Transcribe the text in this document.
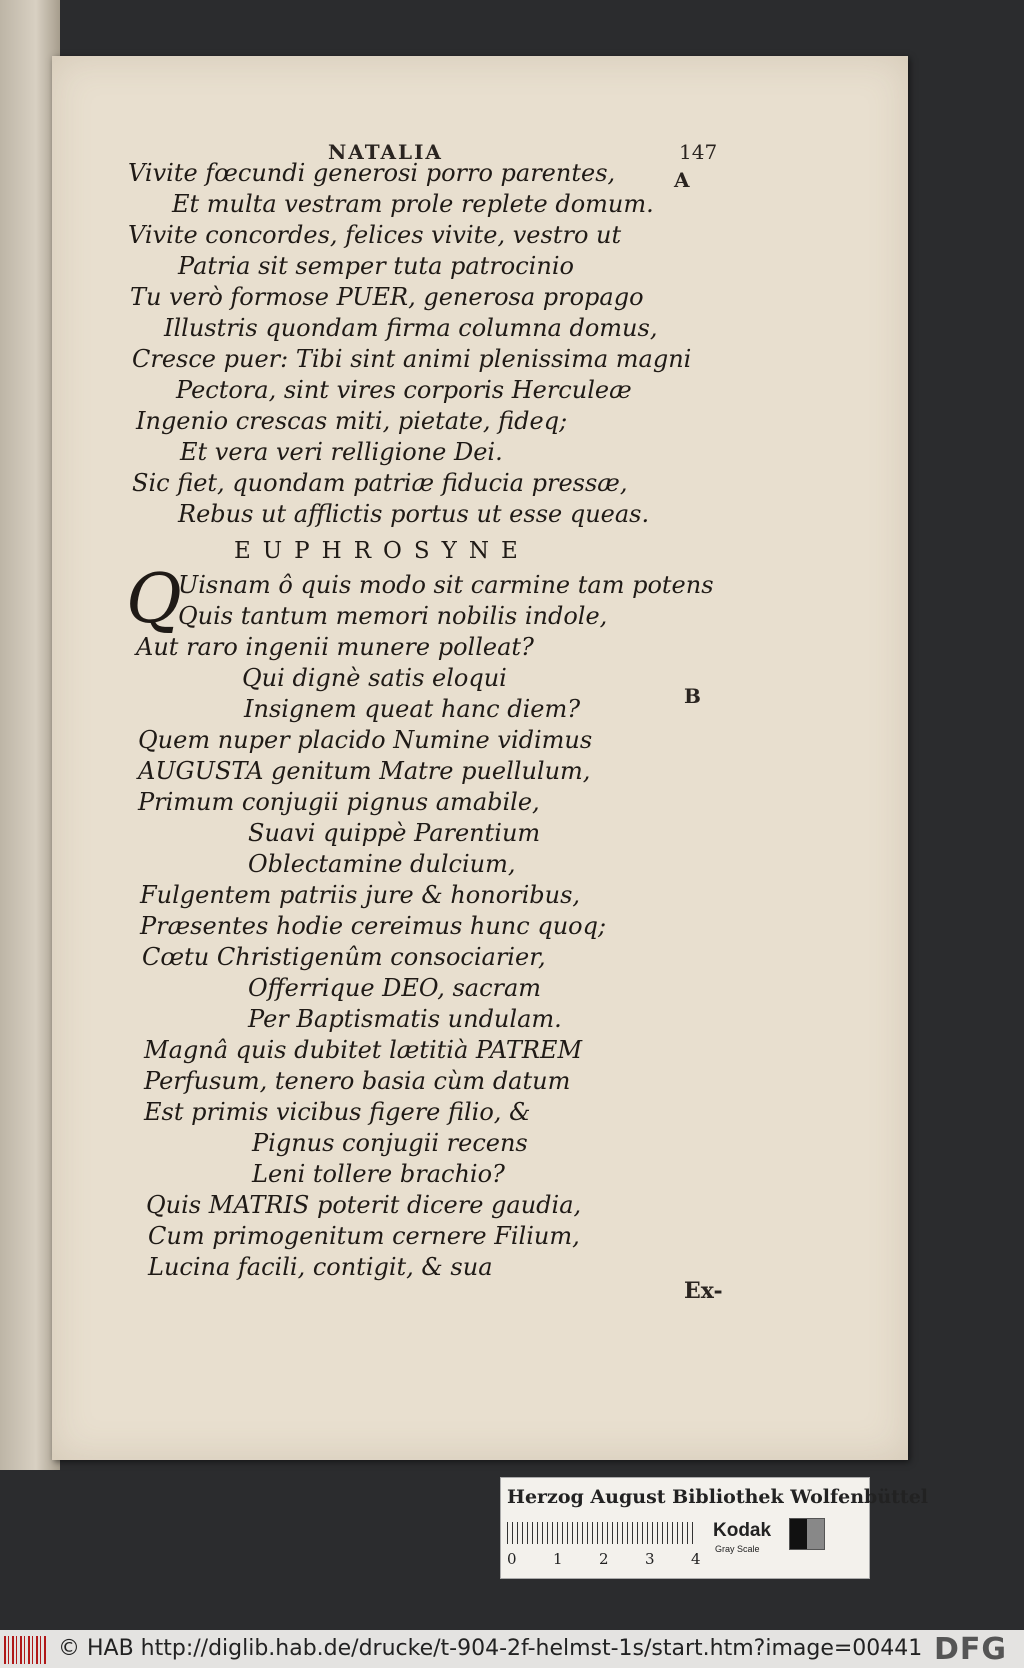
NATALIA	147
A
B
Vivite fœcundi generosi porro parentes,
Et multa vestram prole replete domum.
Vivite concordes, felices vivite, vestro ut
Patria sit semper tuta patrocinio
Tu verò formose PUER, generosa propago
Illustris quondam firma columna domus,
Cresce puer: Tibi sint animi plenissima magni
Pectora, sint vires corporis Herculeæ
Ingenio crescas miti, pietate, fideq;
Et vera veri relligione Dei.
Sic fiet, quondam patriæ fiducia pressæ,
Rebus ut afflictis portus ut esse queas.
EUPHROSYNE
Q
Uisnam ô quis modo sit carmine tam potens
Quis tantum memori nobilis indole,
Aut raro ingenii munere polleat?
Qui dignè satis eloqui
Insignem queat hanc diem?
Quem nuper placido Numine vidimus
AUGUSTA genitum Matre puellulum,
Primum conjugii pignus amabile,
Suavi quippè Parentium
Oblectamine dulcium,
Fulgentem patriis jure & honoribus,
Præsentes hodie cereimus hunc quoq;
Cœtu Christigenûm consociarier,
Offerrique DEO, sacram
Per Baptismatis undulam.
Magnâ quis dubitet lætitià PATREM
Perfusum, tenero basia cùm datum
Est primis vicibus figere filio, &
Pignus conjugii recens
Leni tollere brachio?
Quis MATRIS poterit dicere gaudia,
Cum primogenitum cernere Filium,
Lucina facili, contigit, & sua
Ex-
Herzog August Bibliothek Wolfenbüttel
0 1 2 3 4
Kodak
Gray Scale
© HAB http://diglib.hab.de/drucke/t-904-2f-helmst-1s/start.htm?image=00441 DFG
